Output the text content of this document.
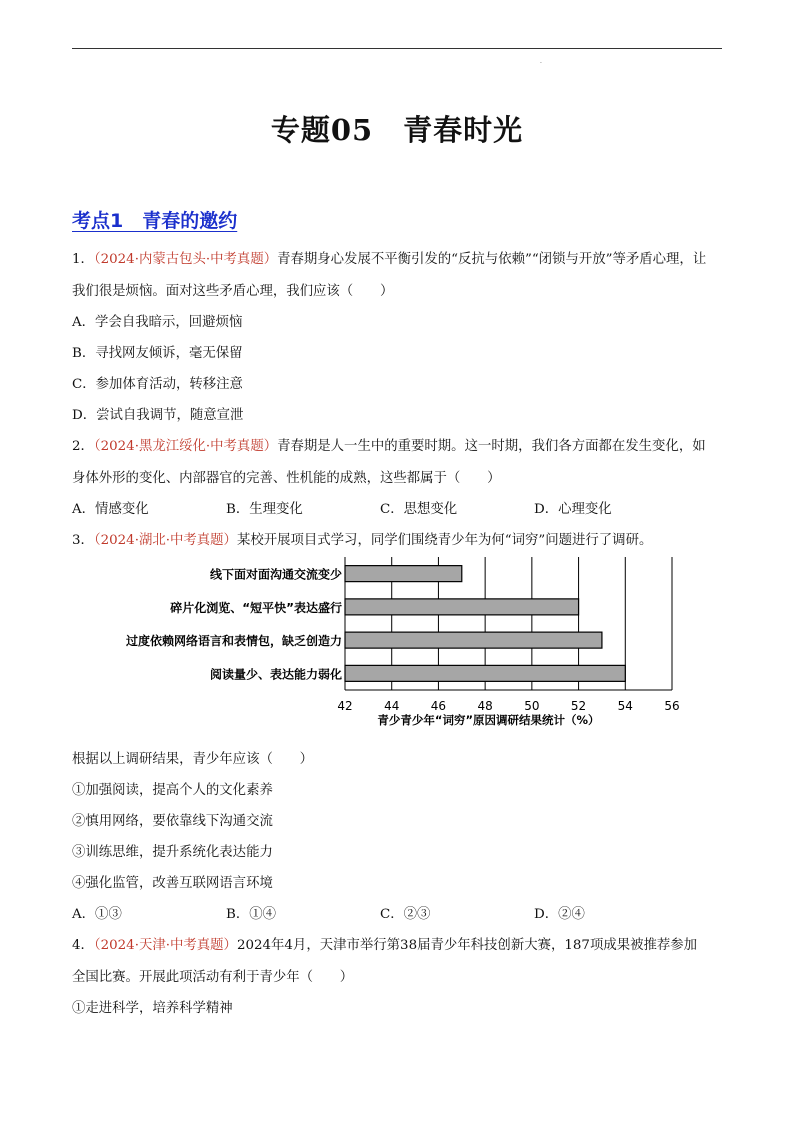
.
专题05　青春时光
考点1　青春的邀约
1．（2024·内蒙古包头·中考真题）青春期身心发展不平衡引发的“反抗与依赖”“闭锁与开放”等矛盾心理，让
我们很是烦恼。面对这些矛盾心理，我们应该（　　）
A．学会自我暗示，回避烦恼
B．寻找网友倾诉，毫无保留
C．参加体育活动，转移注意
D．尝试自我调节，随意宣泄
2．（2024·黑龙江绥化·中考真题）青春期是人一生中的重要时期。这一时期，我们各方面都在发生变化，如
身体外形的变化、内部器官的完善、性机能的成熟，这些都属于（　　）
A．情感变化	B．生理变化	C．思想变化	D．心理变化
3．（2024·湖北·中考真题）某校开展项目式学习，同学们围绕青少年为何“词穷”问题进行了调研。
42	44	46	48	50	52	54	56
线下面对面沟通交流变少
碎片化浏览、“短平快”表达盛行
过度依赖网络语言和表情包，缺乏创造力
阅读量少、表达能力弱化
青少青少年“词穷”原因调研结果统计（%）
根据以上调研结果，青少年应该（　　）
①加强阅读，提高个人的文化素养
②慎用网络，要依靠线下沟通交流
③训练思维，提升系统化表达能力
④强化监管，改善互联网语言环境
A．①③	B．①④	C．②③	D．②④
4．（2024·天津·中考真题）2024年4月，天津市举行第38届青少年科技创新大赛，187项成果被推荐参加
全国比赛。开展此项活动有利于青少年（　　）
①走进科学，培养科学精神
